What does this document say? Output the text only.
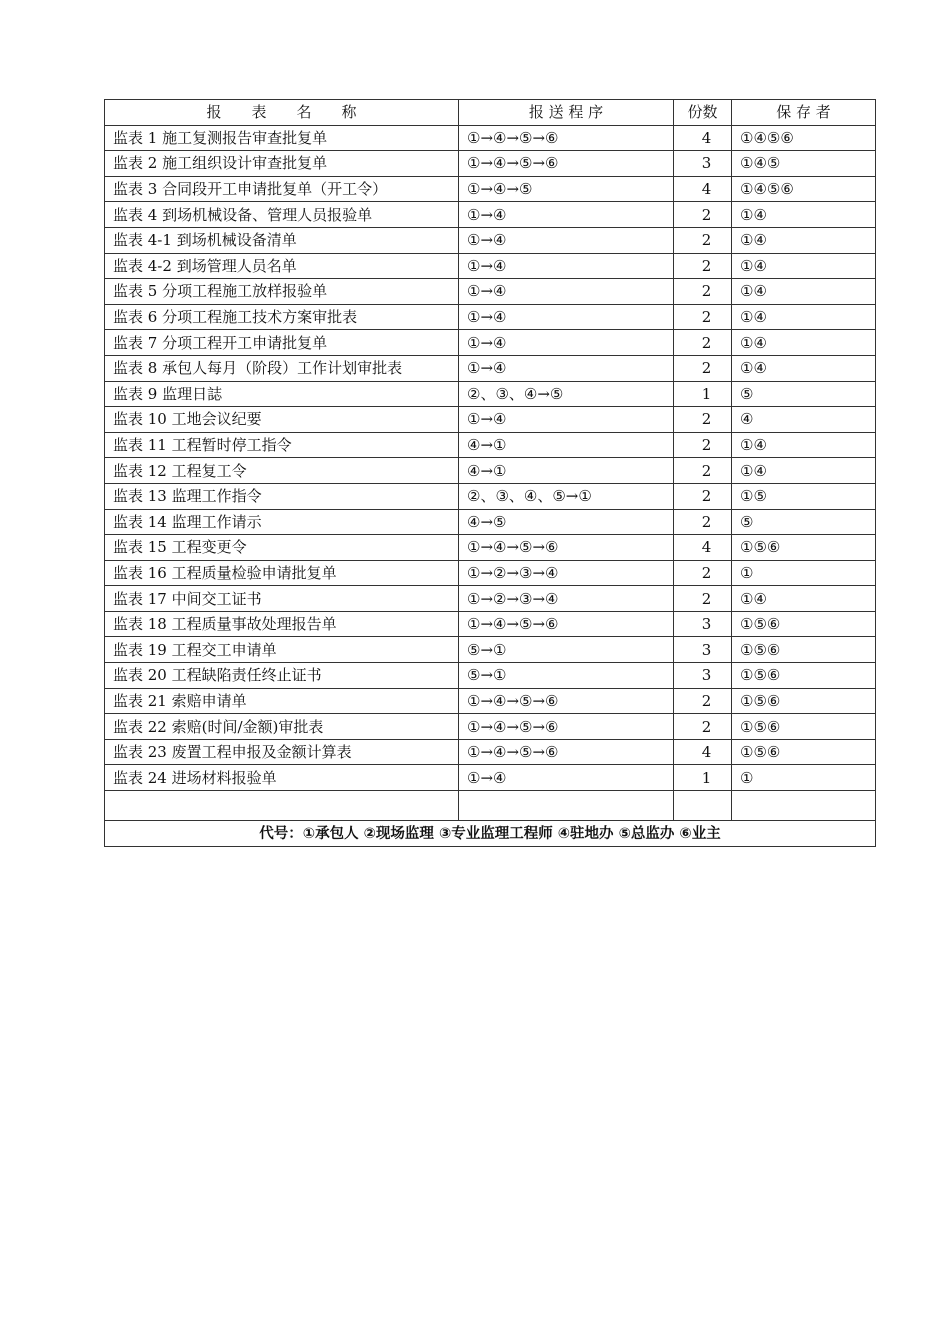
报　　表　　名　　称	报 送 程 序	份数	保 存 者
监表 1 施工复测报告审查批复单	①→④→⑤→⑥	4	①④⑤⑥
监表 2 施工组织设计审查批复单	①→④→⑤→⑥	3	①④⑤
监表 3 合同段开工申请批复单（开工令）	①→④→⑤	4	①④⑤⑥
监表 4 到场机械设备、管理人员报验单	①→④	2	①④
监表 4-1 到场机械设备清单	①→④	2	①④
监表 4-2 到场管理人员名单	①→④	2	①④
监表 5 分项工程施工放样报验单	①→④	2	①④
监表 6 分项工程施工技术方案审批表	①→④	2	①④
监表 7 分项工程开工申请批复单	①→④	2	①④
监表 8 承包人每月（阶段）工作计划审批表	①→④	2	①④
监表 9 监理日誌	②、③、④→⑤	1	⑤
监表 10 工地会议纪要	①→④	2	④
监表 11 工程暂时停工指令	④→①	2	①④
监表 12 工程复工令	④→①	2	①④
监表 13 监理工作指令	②、③、④、⑤→①	2	①⑤
监表 14 监理工作请示	④→⑤	2	⑤
监表 15 工程变更令	①→④→⑤→⑥	4	①⑤⑥
监表 16 工程质量检验申请批复单	①→②→③→④	2	①
监表 17 中间交工证书	①→②→③→④	2	①④
监表 18 工程质量事故处理报告单	①→④→⑤→⑥	3	①⑤⑥
监表 19 工程交工申请单	⑤→①	3	①⑤⑥
监表 20 工程缺陷责任终止证书	⑤→①	3	①⑤⑥
监表 21 索赔申请单	①→④→⑤→⑥	2	①⑤⑥
监表 22 索赔(时间/金额)审批表	①→④→⑤→⑥	2	①⑤⑥
监表 23 废置工程申报及金额计算表	①→④→⑤→⑥	4	①⑤⑥
监表 24 进场材料报验单	①→④	1	①

代号：①承包人 ②现场监理 ③专业监理工程师 ④驻地办 ⑤总监办 ⑥业主			
